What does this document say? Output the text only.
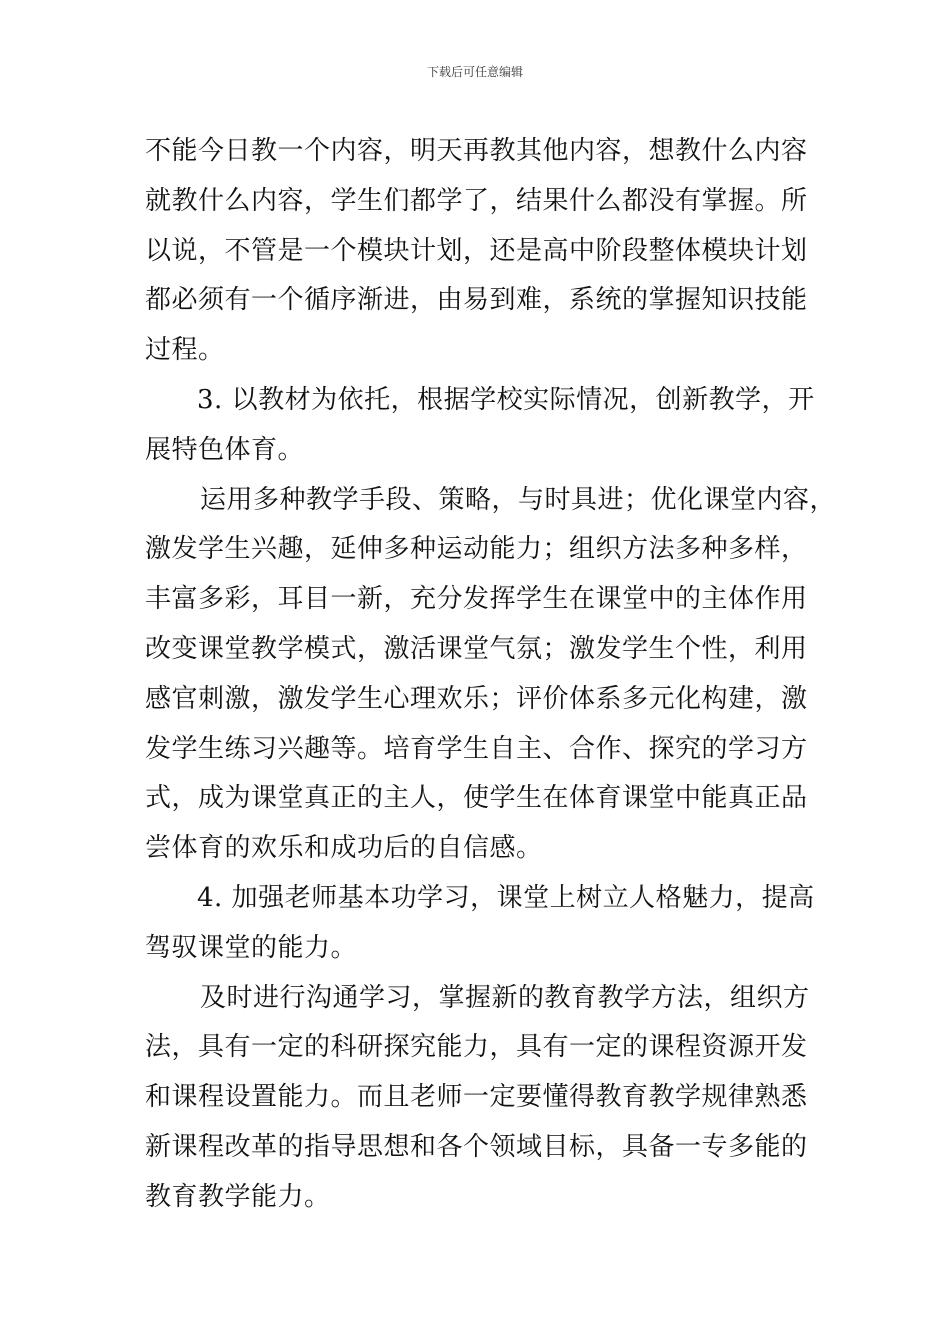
下载后可任意编辑
不能今日教一个内容，明天再教其他内容，想教什么内容
就教什么内容，学生们都学了，结果什么都没有掌握。所
以说，不管是一个模块计划，还是高中阶段整体模块计划
都必须有一个循序渐进，由易到难，系统的掌握知识技能
过程。
3. 以教材为依托，根据学校实际情况，创新教学，开
展特色体育。
运用多种教学手段、策略，与时具进；优化课堂内容，
激发学生兴趣，延伸多种运动能力；组织方法多种多样，
丰富多彩，耳目一新，充分发挥学生在课堂中的主体作用
改变课堂教学模式，激活课堂气氛；激发学生个性，利用
感官刺激，激发学生心理欢乐；评价体系多元化构建，激
发学生练习兴趣等。培育学生自主、合作、探究的学习方
式，成为课堂真正的主人，使学生在体育课堂中能真正品
尝体育的欢乐和成功后的自信感。
4. 加强老师基本功学习，课堂上树立人格魅力，提高
驾驭课堂的能力。
及时进行沟通学习，掌握新的教育教学方法，组织方
法，具有一定的科研探究能力，具有一定的课程资源开发
和课程设置能力。而且老师一定要懂得教育教学规律熟悉
新课程改革的指导思想和各个领域目标，具备一专多能的
教育教学能力。
